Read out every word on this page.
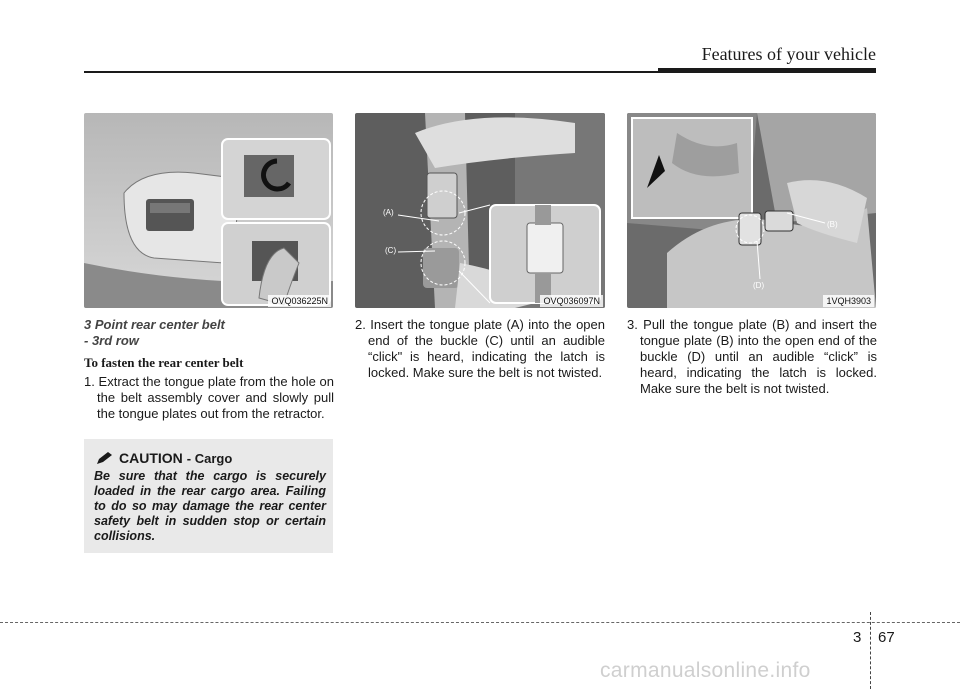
Features of your vehicle
OVQ036225N
(A)
(C)
OVQ036097N
(B)
(D)
1VQH3903
3 Point rear center belt
- 3rd row
To fasten the rear center belt
1. Extract the tongue plate from the hole on the belt assembly cover and slowly pull the tongue plates out from the retractor.
CAUTION - Cargo
Be sure that the cargo is securely loaded in the rear cargo area. Failing to do so may damage the rear center safety belt in sudden stop or certain collisions.
2. Insert the tongue plate (A) into the open end of the buckle (C) until an audible “click" is heard, indicating the latch is locked. Make sure the belt is not twisted.
3. Pull the tongue plate (B) and insert the tongue plate (B) into the open end of the buckle (D) until an audible “click” is heard, indicating the latch is locked. Make sure the belt is not twisted.
3 67
carmanualsonline.info
